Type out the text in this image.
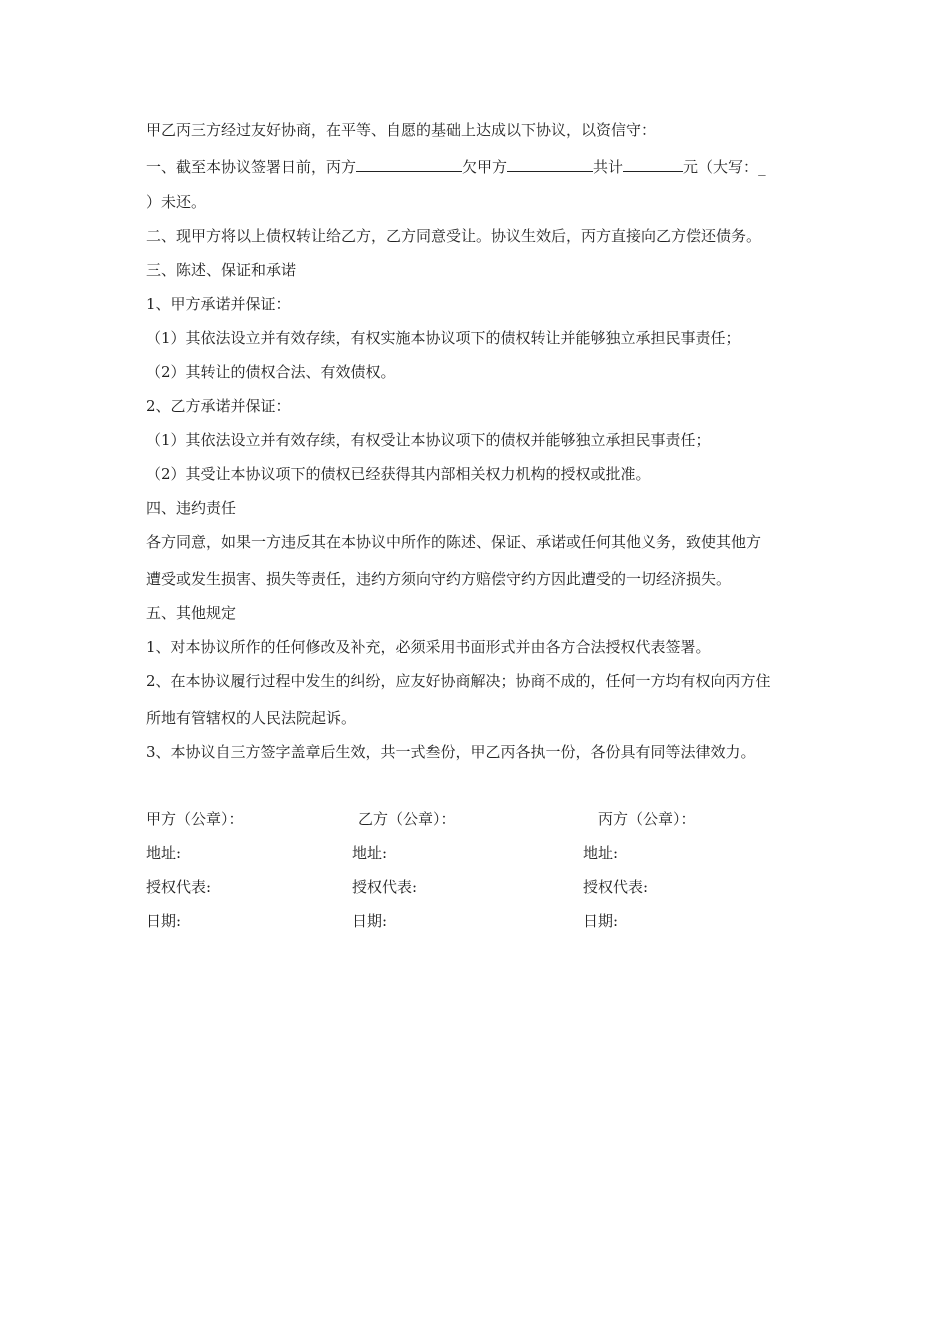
甲乙丙三方经过友好协商，在平等、自愿的基础上达成以下协议，以资信守：
一、截至本协议签署日前，丙方	欠甲方	共计	元（大写：_
）未还。
二、现甲方将以上债权转让给乙方，乙方同意受让。协议生效后，丙方直接向乙方偿还债务。
三、陈述、保证和承诺
1、甲方承诺并保证：
（1）其依法设立并有效存续，有权实施本协议项下的债权转让并能够独立承担民事责任；
（2）其转让的债权合法、有效债权。
2、乙方承诺并保证：
（1）其依法设立并有效存续，有权受让本协议项下的债权并能够独立承担民事责任；
（2）其受让本协议项下的债权已经获得其内部相关权力机构的授权或批准。
四、违约责任
各方同意，如果一方违反其在本协议中所作的陈述、保证、承诺或任何其他义务，致使其他方
遭受或发生损害、损失等责任，违约方须向守约方赔偿守约方因此遭受的一切经济损失。
五、其他规定
1、对本协议所作的任何修改及补充，必须采用书面形式并由各方合法授权代表签署。
2、在本协议履行过程中发生的纠纷，应友好协商解决；协商不成的，任何一方均有权向丙方住
所地有管辖权的人民法院起诉。
3、本协议自三方签字盖章后生效，共一式叁份，甲乙丙各执一份，各份具有同等法律效力。
甲方（公章）：
地址:
授权代表:
日期:
乙方（公章）：
地址:
授权代表:
日期:
丙方（公章）：
地址:
授权代表:
日期:
